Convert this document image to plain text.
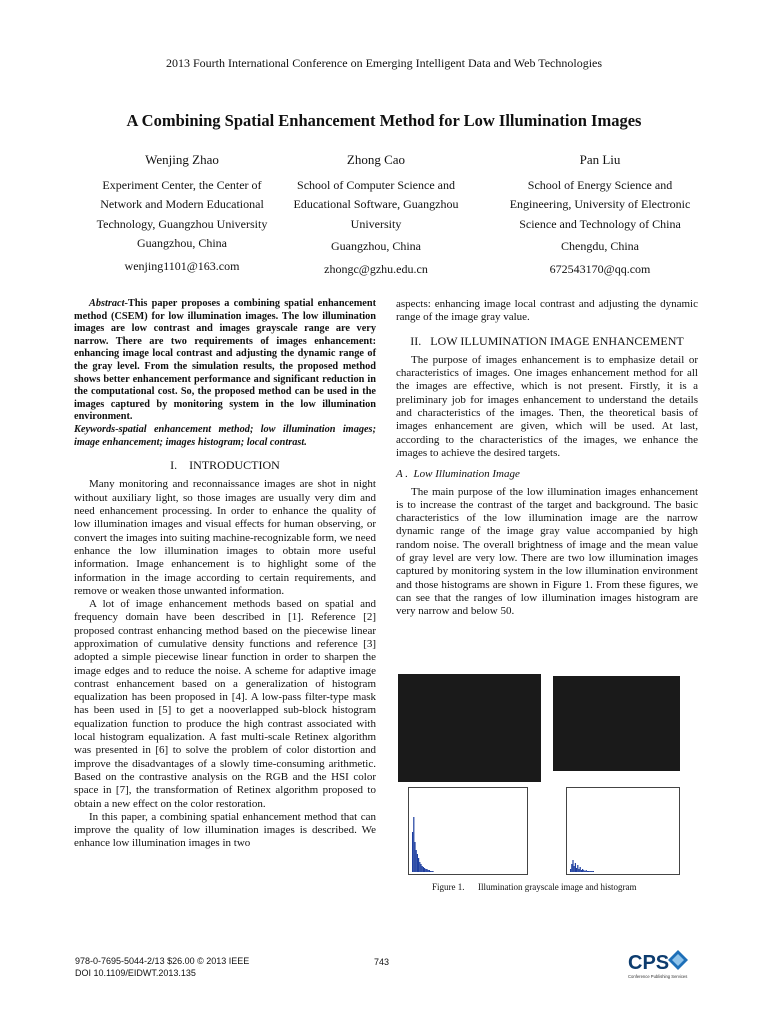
2013 Fourth International Conference on Emerging Intelligent Data and Web Technologies
A Combining Spatial Enhancement Method for Low Illumination Images
Wenjing Zhao
Experiment Center, the Center of
Network and Modern Educational
Technology, Guangzhou University
Guangzhou, China
wenjing1101@163.com
Zhong Cao
School of Computer Science and
Educational Software, Guangzhou
University
Guangzhou, China
zhongc@gzhu.edu.cn
Pan Liu
School of Energy Science and
Engineering, University of Electronic
Science and Technology of China
Chengdu, China
672543170@qq.com

Abstract-This paper proposes a combining spatial enhancement method (CSEM) for low illumination images. The low illumination images are low contrast and images grayscale range are very narrow. There are two requirements of images enhancement: enhancing image local contrast and adjusting the dynamic range of the gray level. From the simulation results, the proposed method shows better enhancement performance and significant reduction in the computational cost. So, the proposed method can be used in the images captured by monitoring system in the low illumination environment.

Keywords-spatial enhancement method; low illumination images; image enhancement; images histogram; local contrast.

I.    INTRODUCTION

Many monitoring and reconnaissance images are shot in night without auxiliary light, so those images are usually very dim and need enhancement processing. In order to enhance the quality of low illumination images and visual effects for human observing, or convert the images into suiting machine-recognizable form, we need enhance the low illumination images to obtain more useful information. Image enhancement is to highlight some of the information in the image according to certain requirements, and remove or weaken those unwanted information.

A lot of image enhancement methods based on spatial and frequency domain have been described in [1]. Reference [2] proposed contrast enhancing method based on the piecewise linear approximation of cumulative density functions and reference [3] adopted a simple piecewise linear function in order to sharpen the image edges and to reduce the noise. A scheme for adaptive image contrast enhancement based on a generalization of histogram equalization has been proposed in [4]. A low-pass filter-type mask has been used in [5] to get a nooverlapped sub-block histogram equalization function to produce the high contrast associated with local histogram equalization. A fast multi-scale Retinex algorithm was presented in [6] to solve the problem of color distortion and improve the disadvantages of a slowly time-consuming arithmetic. Based on the contrastive analysis on the RGB and the HSI color space in [7], the transformation of Retinex algorithm proposed to obtain a new effect on the color restoration.

In this paper, a combining spatial enhancement method that can improve the quality of low illumination images is described. We enhance low illumination images in two

aspects: enhancing image local contrast and adjusting the dynamic range of the image gray value.

II.   LOW ILLUMINATION IMAGE ENHANCEMENT

The purpose of images enhancement is to emphasize detail or characteristics of images. One images enhancement method for all the images are effective, which is not present. Firstly, it is a preliminary job for images enhancement to understand the details and characteristics of the images. Then, the theoretical basis of images enhancement are given, which will be used. At last, according to the characteristics of the images, we enhance the images to achieve the desired targets.

A .  Low Illumination Image

The main purpose of the low illumination images enhancement is to increase the contrast of the target and background. The basic characteristics of the low illumination image are the narrow dynamic range of the image gray value accompanied by high random noise. The overall brightness of image and the mean value of gray level are very low. There are two low illumination images captured by monitoring system in the low illumination environment and those histograms are shown in Figure 1. From these figures, we can see that the ranges of low illumination images histogram are very narrow and below 50.

Figure 1. Illumination grayscale image and histogram
978-0-7695-5044-2/13 $26.00 © 2013 IEEE
DOI 10.1109/EIDWT.2013.135
743	CPS
Conference Publishing Services
